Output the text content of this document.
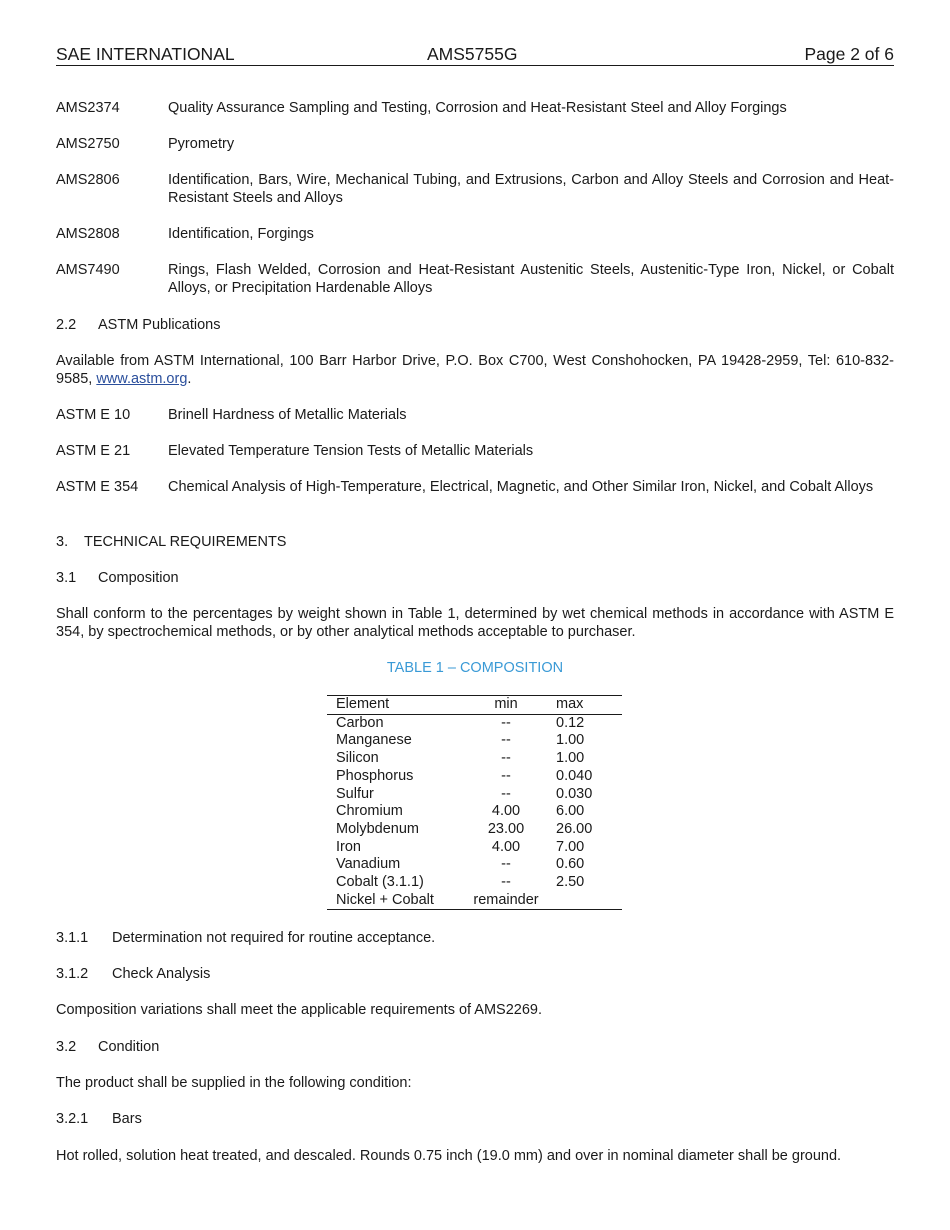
SAE INTERNATIONAL	AMS5755G	Page 2 of 6
AMS2374	Quality Assurance Sampling and Testing, Corrosion and Heat-Resistant Steel and Alloy Forgings
AMS2750	Pyrometry
AMS2806	Identification, Bars, Wire, Mechanical Tubing, and Extrusions, Carbon and Alloy Steels and Corrosion and Heat-Resistant Steels and Alloys
AMS2808	Identification, Forgings
AMS7490	Rings, Flash Welded, Corrosion and Heat-Resistant Austenitic Steels, Austenitic-Type Iron, Nickel, or Cobalt Alloys, or Precipitation Hardenable Alloys
2.2 ASTM Publications
Available from ASTM International, 100 Barr Harbor Drive, P.O. Box C700, West Conshohocken, PA 19428-2959, Tel: 610-832-9585, www.astm.org.
ASTM E 10	Brinell Hardness of Metallic Materials
ASTM E 21	Elevated Temperature Tension Tests of Metallic Materials
ASTM E 354 Chemical Analysis of High-Temperature, Electrical, Magnetic, and Other Similar Iron, Nickel, and Cobalt Alloys
3. TECHNICAL REQUIREMENTS
3.1 Composition
Shall conform to the percentages by weight shown in Table 1, determined by wet chemical methods in accordance with ASTM E 354, by spectrochemical methods, or by other analytical methods acceptable to purchaser.
TABLE 1 – COMPOSITION
Element	min	max
Carbon	--	0.12
Manganese	--	1.00
Silicon	--	1.00
Phosphorus	--	0.040
Sulfur	--	0.030
Chromium	4.00	6.00
Molybdenum	23.00	26.00
Iron	4.00	7.00
Vanadium	--	0.60
Cobalt (3.1.1)	--	2.50
Nickel + Cobalt	remainder	
3.1.1 Determination not required for routine acceptance.
3.1.2 Check Analysis
Composition variations shall meet the applicable requirements of AMS2269.
3.2 Condition
The product shall be supplied in the following condition:
3.2.1 Bars
Hot rolled, solution heat treated, and descaled. Rounds 0.75 inch (19.0 mm) and over in nominal diameter shall be ground.
